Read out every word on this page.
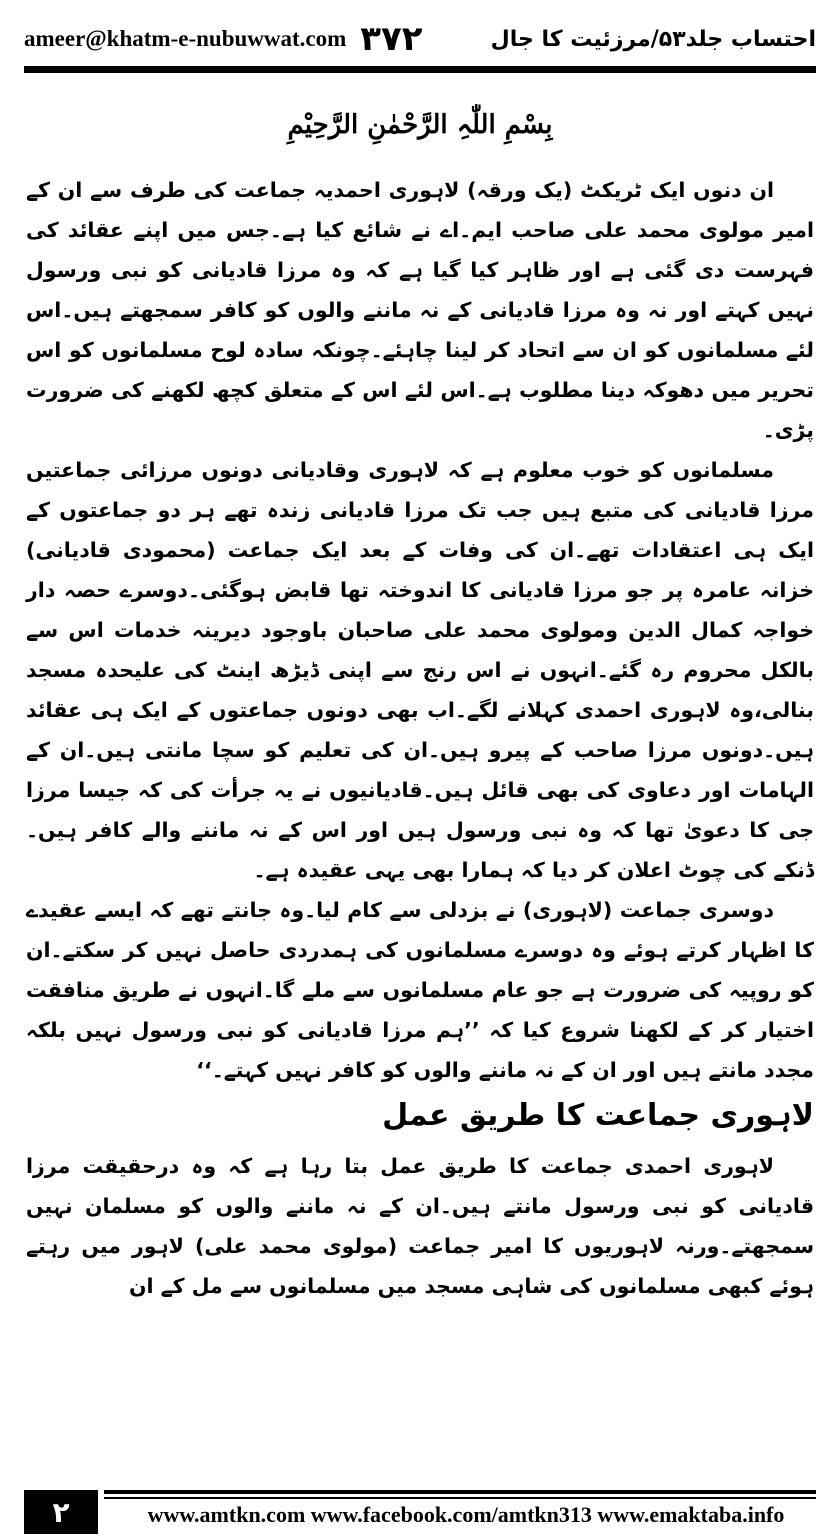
ameer@khatm-e-nubuwwat.com ۳۷۲	احتساب جلد۵۳/مرزئیت کا جال
بِسْمِ اللّٰہِ الرَّحْمٰنِ الرَّحِیْمِ

ان دنوں ایک ٹریکٹ (یک ورقہ) لاہوری احمدیہ جماعت کی طرف سے ان کے امیر مولوی محمد علی صاحب ایم۔اے نے شائع کیا ہے۔جس میں اپنے عقائد کی فہرست دی گئی ہے اور ظاہر کیا گیا ہے کہ وہ مرزا قادیانی کو نبی ورسول نہیں کہتے اور نہ وہ مرزا قادیانی کے نہ ماننے والوں کو کافر سمجھتے ہیں۔اس لئے مسلمانوں کو ان سے اتحاد کر لینا چاہئے۔چونکہ سادہ لوح مسلمانوں کو اس تحریر میں دھوکہ دینا مطلوب ہے۔اس لئے اس کے متعلق کچھ لکھنے کی ضرورت پڑی۔

مسلمانوں کو خوب معلوم ہے کہ لاہوری وقادیانی دونوں مرزائی جماعتیں مرزا قادیانی کی متبع ہیں جب تک مرزا قادیانی زندہ تھے ہر دو جماعتوں کے ایک ہی اعتقادات تھے۔ان کی وفات کے بعد ایک جماعت (محمودی قادیانی) خزانہ عامرہ پر جو مرزا قادیانی کا اندوختہ تھا قابض ہوگئی۔دوسرے حصہ دار خواجہ کمال الدین ومولوی محمد علی صاحبان باوجود دیرینہ خدمات اس سے بالکل محروم رہ گئے۔انہوں نے اس رنج سے اپنی ڈیڑھ اینٹ کی علیحدہ مسجد بنالی،وہ لاہوری احمدی کہلانے لگے۔اب بھی دونوں جماعتوں کے ایک ہی عقائد ہیں۔دونوں مرزا صاحب کے پیرو ہیں۔ان کی تعلیم کو سچا مانتی ہیں۔ان کے الہامات اور دعاوی کی بھی قائل ہیں۔قادیانیوں نے یہ جرأت کی کہ جیسا مرزا جی کا دعویٰ تھا کہ وہ نبی ورسول ہیں اور اس کے نہ ماننے والے کافر ہیں۔ڈنکے کی چوٹ اعلان کر دیا کہ ہمارا بھی یہی عقیدہ ہے۔

دوسری جماعت (لاہوری) نے بزدلی سے کام لیا۔وہ جانتے تھے کہ ایسے عقیدے کا اظہار کرتے ہوئے وہ دوسرے مسلمانوں کی ہمدردی حاصل نہیں کر سکتے۔ان کو روپیہ کی ضرورت ہے جو عام مسلمانوں سے ملے گا۔انہوں نے طریق منافقت اختیار کر کے لکھنا شروع کیا کہ ’’ہم مرزا قادیانی کو نبی ورسول نہیں بلکہ مجدد مانتے ہیں اور ان کے نہ ماننے والوں کو کافر نہیں کہتے۔‘‘

لاہوری جماعت کا طریق عمل

لاہوری احمدی جماعت کا طریق عمل بتا رہا ہے کہ وہ درحقیقت مرزا قادیانی کو نبی ورسول مانتے ہیں۔ان کے نہ ماننے والوں کو مسلمان نہیں سمجھتے۔ورنہ لاہوریوں کا امیر جماعت (مولوی محمد علی) لاہور میں رہتے ہوئے کبھی مسلمانوں کی شاہی مسجد میں مسلمانوں سے مل کے ان

۲	www.amtkn.com www.facebook.com/amtkn313 www.emaktaba.info
